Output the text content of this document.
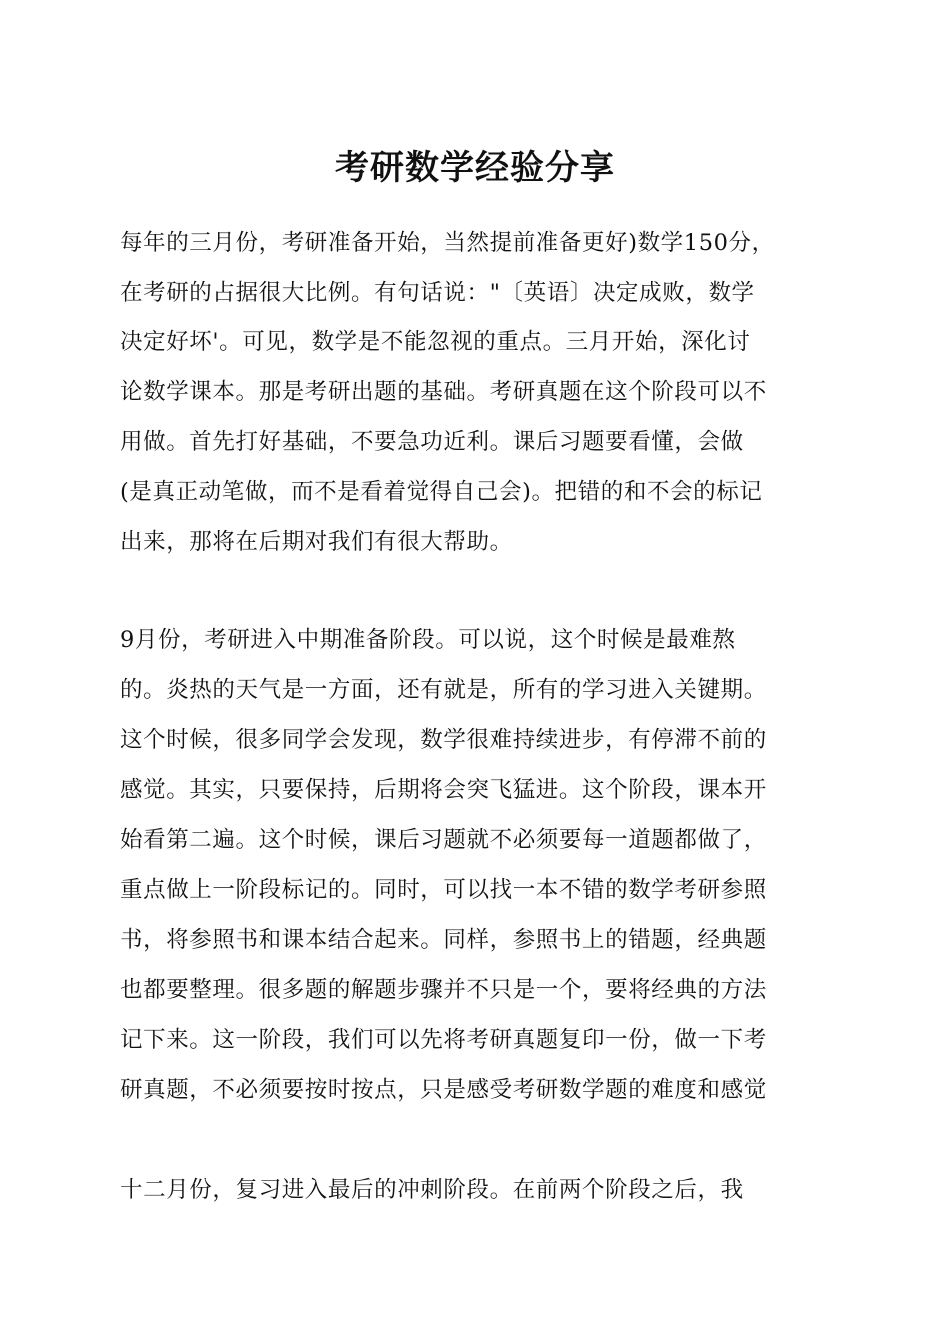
考研数学经验分享
每年的三月份，考研准备开始，当然提前准备更好)数学150分，
在考研的占据很大比例。有句话说："〔英语〕决定成败，数学
决定好坏'。可见，数学是不能忽视的重点。三月开始，深化讨
论数学课本。那是考研出题的基础。考研真题在这个阶段可以不
用做。首先打好基础，不要急功近利。课后习题要看懂，会做
(是真正动笔做，而不是看着觉得自己会)。把错的和不会的标记
出来，那将在后期对我们有很大帮助。
9月份，考研进入中期准备阶段。可以说，这个时候是最难熬
的。炎热的天气是一方面，还有就是，所有的学习进入关键期。
这个时候，很多同学会发现，数学很难持续进步，有停滞不前的
感觉。其实，只要保持，后期将会突飞猛进。这个阶段，课本开
始看第二遍。这个时候，课后习题就不必须要每一道题都做了，
重点做上一阶段标记的。同时，可以找一本不错的数学考研参照
书，将参照书和课本结合起来。同样，参照书上的错题，经典题
也都要整理。很多题的解题步骤并不只是一个，要将经典的方法
记下来。这一阶段，我们可以先将考研真题复印一份，做一下考
研真题，不必须要按时按点，只是感受考研数学题的难度和感觉
十二月份，复习进入最后的冲刺阶段。在前两个阶段之后，我
